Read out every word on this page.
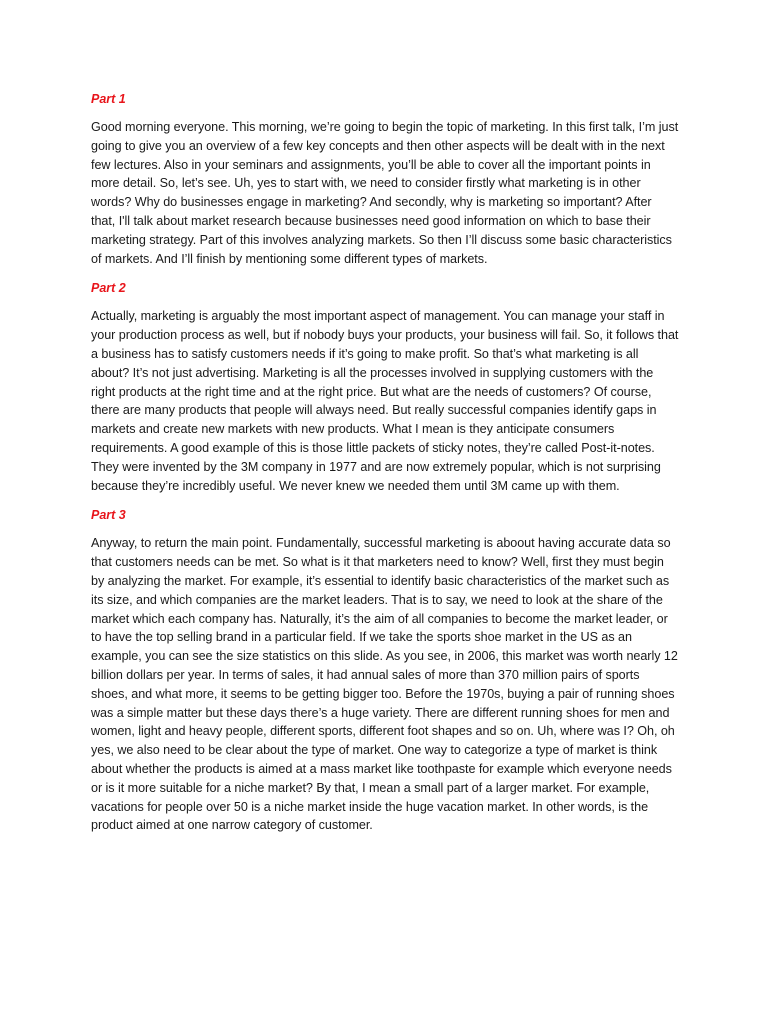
Part 1

Good morning everyone. This morning, we’re going to begin the topic of marketing. In this first talk, I’m just going to give you an overview of a few key concepts and then other aspects will be dealt with in the next few lectures. Also in your seminars and assignments, you’ll be able to cover all the important points in more detail. So, let’s see. Uh, yes to start with, we need to consider firstly what marketing is in other words? Why do businesses engage in marketing? And secondly, why is marketing so important? After that, I'll talk about market research because businesses need good information on which to base their marketing strategy. Part of this involves analyzing markets. So then I’ll discuss some basic characteristics of markets. And I’ll finish by mentioning some different types of markets.

Part 2

Actually, marketing is arguably the most important aspect of management. You can manage your staff in your production process as well, but if nobody buys your products, your business will fail. So, it follows that a business has to satisfy customers needs if it’s going to make profit. So that’s what marketing is all about? It’s not just advertising. Marketing is all the processes involved in supplying customers with the right products at the right time and at the right price. But what are the needs of customers? Of course, there are many products that people will always need. But really successful companies identify gaps in markets and create new markets with new products. What I mean is they anticipate consumers requirements. A good example of this is those little packets of sticky notes, they’re called Post-it-notes. They were invented by the 3M company in 1977 and are now extremely popular, which is not surprising because they’re incredibly useful. We never knew we needed them until 3M came up with them.

Part 3

Anyway, to return the main point. Fundamentally, successful marketing is aboout having accurate data so that customers needs can be met. So what is it that marketers need to know? Well, first they must begin by analyzing the market. For example, it’s essential to identify basic characteristics of the market such as its size, and which companies are the market leaders. That is to say, we need to look at the share of the market which each company has. Naturally, it’s the aim of all companies to become the market leader, or to have the top selling brand in a particular field. If we take the sports shoe market in the US as an example, you can see the size statistics on this slide. As you see, in 2006, this market was worth nearly 12 billion dollars per year. In terms of sales, it had annual sales of more than 370 million pairs of sports shoes, and what more, it seems to be getting bigger too. Before the 1970s, buying a pair of running shoes was a simple matter but these days there’s a huge variety. There are different running shoes for men and women, light and heavy people, different sports, different foot shapes and so on. Uh, where was I? Oh, oh yes, we also need to be clear about the type of market. One way to categorize a type of market is think about whether the products is aimed at a mass market like toothpaste for example which everyone needs or is it more suitable for a niche market? By that, I mean a small part of a larger market. For example, vacations for people over 50 is a niche market inside the huge vacation market. In other words, is the product aimed at one narrow category of customer.
